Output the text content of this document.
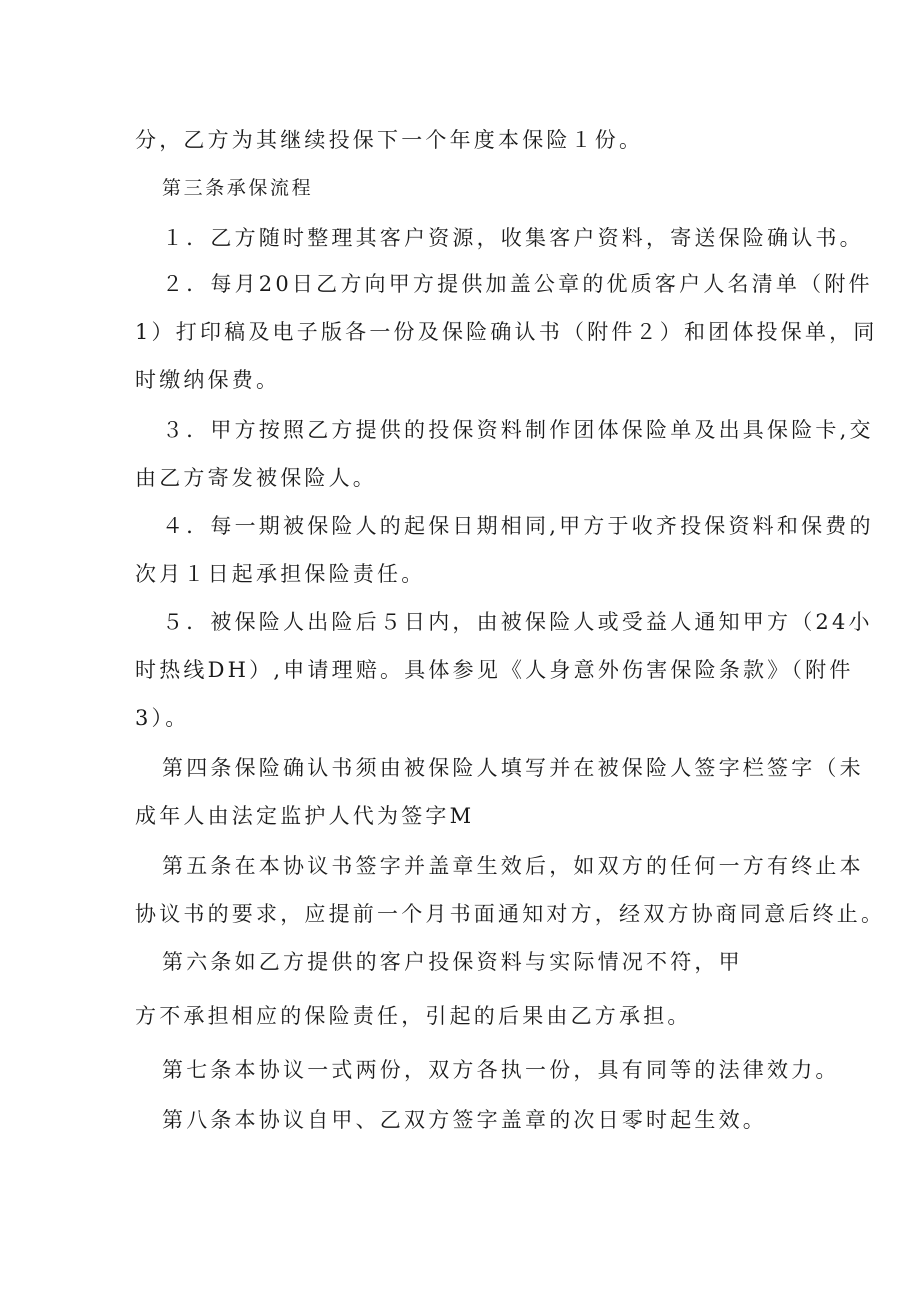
分，乙方为其继续投保下一个年度本保险１份。
第三条承保流程
１．乙方随时整理其客户资源，收集客户资料，寄送保险确认书。
２．每月20日乙方向甲方提供加盖公章的优质客户人名清单（附件
1）打印稿及电子版各一份及保险确认书（附件２）和团体投保单，同
时缴纳保费。
３．甲方按照乙方提供的投保资料制作团体保险单及出具保险卡,交
由乙方寄发被保险人。
４．每一期被保险人的起保日期相同,甲方于收齐投保资料和保费的
次月１日起承担保险责任。
５．被保险人出险后５日内，由被保险人或受益人通知甲方（24小
时热线DH）,申请理赔。具体参见《人身意外伤害保险条款》（附件
3）。
第四条保险确认书须由被保险人填写并在被保险人签字栏签字（未
成年人由法定监护人代为签字M
第五条在本协议书签字并盖章生效后，如双方的任何一方有终止本
协议书的要求，应提前一个月书面通知对方，经双方协商同意后终止。
第六条如乙方提供的客户投保资料与实际情况不符，甲
方不承担相应的保险责任，引起的后果由乙方承担。
第七条本协议一式两份，双方各执一份，具有同等的法律效力。
第八条本协议自甲、乙双方签字盖章的次日零时起生效。
